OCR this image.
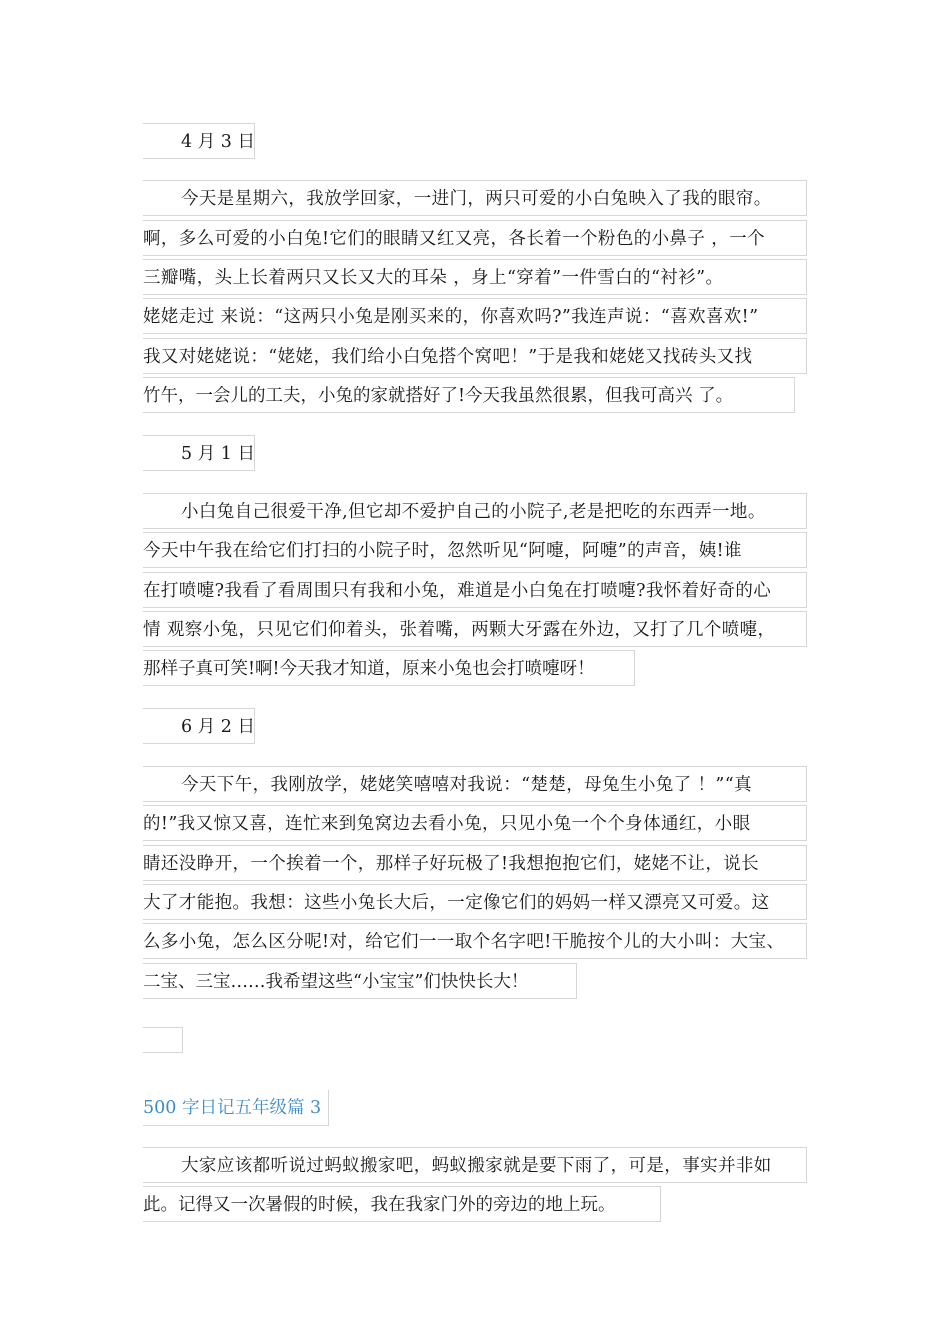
4 月 3 日
今天是星期六，我放学回家，一进门，两只可爱的小白兔映入了我的眼帘。
啊，多么可爱的小白兔!它们的眼睛又红又亮，各长着一个粉色的小鼻子 ，一个
三瓣嘴，头上长着两只又长又大的耳朵 ，身上“穿着”一件雪白的“衬衫”。
姥姥走过 来说：“这两只小兔是刚买来的，你喜欢吗?”我连声说：“喜欢喜欢!”
我又对姥姥说：“姥姥，我们给小白兔搭个窝吧！”于是我和姥姥又找砖头又找
竹午，一会儿的工夫，小兔的家就搭好了!今天我虽然很累，但我可高兴 了。
5 月 1 日
小白兔自己很爱干净,但它却不爱护自己的小院子,老是把吃的东西弄一地。
今天中午我在给它们打扫的小院子时，忽然听见“阿嚏，阿嚏”的声音，姨!谁
在打喷嚏?我看了看周围只有我和小兔，难道是小白兔在打喷嚏?我怀着好奇的心
情 观察小兔，只见它们仰着头，张着嘴，两颗大牙露在外边，又打了几个喷嚏，
那样子真可笑!啊!今天我才知道，原来小兔也会打喷嚏呀！
6 月 2 日
今天下午，我刚放学，姥姥笑嘻嘻对我说：“楚楚，母兔生小兔了 ！”“真
的!”我又惊又喜，连忙来到兔窝边去看小兔，只见小兔一个个身体通红，小眼
睛还没睁开，一个挨着一个，那样子好玩极了!我想抱抱它们，姥姥不让，说长
大了才能抱。我想：这些小兔长大后，一定像它们的妈妈一样又漂亮又可爱。这
么多小兔，怎么区分呢!对，给它们一一取个名字吧!干脆按个儿的大小叫：大宝、
二宝、三宝……我希望这些“小宝宝”们快快长大！
500 字日记五年级篇 3
大家应该都听说过蚂蚁搬家吧，蚂蚁搬家就是要下雨了，可是，事实并非如
此。记得又一次暑假的时候，我在我家门外的旁边的地上玩。
